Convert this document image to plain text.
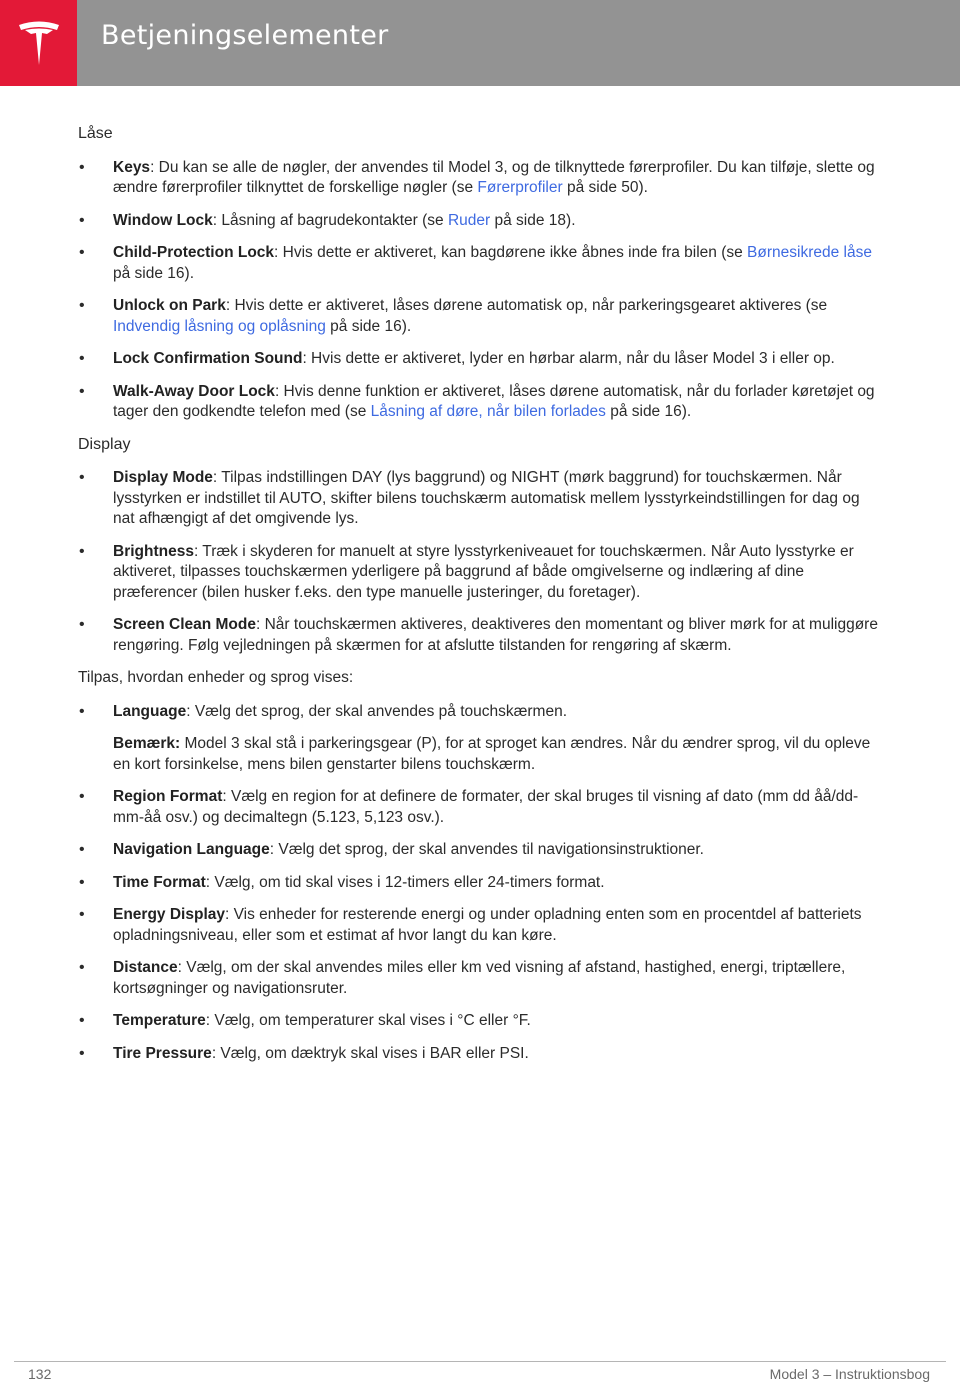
Betjeningselementer
Låse
• Keys: Du kan se alle de nøgler, der anvendes til Model 3, og de tilknyttede førerprofiler. Du kan tilføje, slette og ændre førerprofiler tilknyttet de forskellige nøgler (se Førerprofiler på side 50).
• Window Lock: Låsning af bagrudekontakter (se Ruder på side 18).
• Child-Protection Lock: Hvis dette er aktiveret, kan bagdørene ikke åbnes inde fra bilen (se Børnesikrede låse på side 16).
• Unlock on Park: Hvis dette er aktiveret, låses dørene automatisk op, når parkeringsgearet aktiveres (se Indvendig låsning og oplåsning på side 16).
• Lock Confirmation Sound: Hvis dette er aktiveret, lyder en hørbar alarm, når du låser Model 3 i eller op.
• Walk-Away Door Lock: Hvis denne funktion er aktiveret, låses dørene automatisk, når du forlader køretøjet og tager den godkendte telefon med (se Låsning af døre, når bilen forlades på side 16).
Display
• Display Mode: Tilpas indstillingen DAY (lys baggrund) og NIGHT (mørk baggrund) for touchskærmen. Når lysstyrken er indstillet til AUTO, skifter bilens touchskærm automatisk mellem lysstyrkeindstillingen for dag og nat afhængigt af det omgivende lys.
• Brightness: Træk i skyderen for manuelt at styre lysstyrkeniveauet for touchskærmen. Når Auto lysstyrke er aktiveret, tilpasses touchskærmen yderligere på baggrund af både omgivelserne og indlæring af dine præferencer (bilen husker f.eks. den type manuelle justeringer, du foretager).
• Screen Clean Mode: Når touchskærmen aktiveres, deaktiveres den momentant og bliver mørk for at muliggøre rengøring. Følg vejledningen på skærmen for at afslutte tilstanden for rengøring af skærm.
Tilpas, hvordan enheder og sprog vises:
• Language: Vælg det sprog, der skal anvendes på touchskærmen.
Bemærk: Model 3 skal stå i parkeringsgear (P), for at sproget kan ændres. Når du ændrer sprog, vil du opleve en kort forsinkelse, mens bilen genstarter bilens touchskærm.
• Region Format: Vælg en region for at definere de formater, der skal bruges til visning af dato (mm dd åå/dd-mm-åå osv.) og decimaltegn (5.123, 5,123 osv.).
• Navigation Language: Vælg det sprog, der skal anvendes til navigationsinstruktioner.
• Time Format: Vælg, om tid skal vises i 12-timers eller 24-timers format.
• Energy Display: Vis enheder for resterende energi og under opladning enten som en procentdel af batteriets opladningsniveau, eller som et estimat af hvor langt du kan køre.
• Distance: Vælg, om der skal anvendes miles eller km ved visning af afstand, hastighed, energi, triptællere, kortsøgninger og navigationsruter.
• Temperature: Vælg, om temperaturer skal vises i °C eller °F.
• Tire Pressure: Vælg, om dæktryk skal vises i BAR eller PSI.
132	Model 3 – Instruktionsbog
